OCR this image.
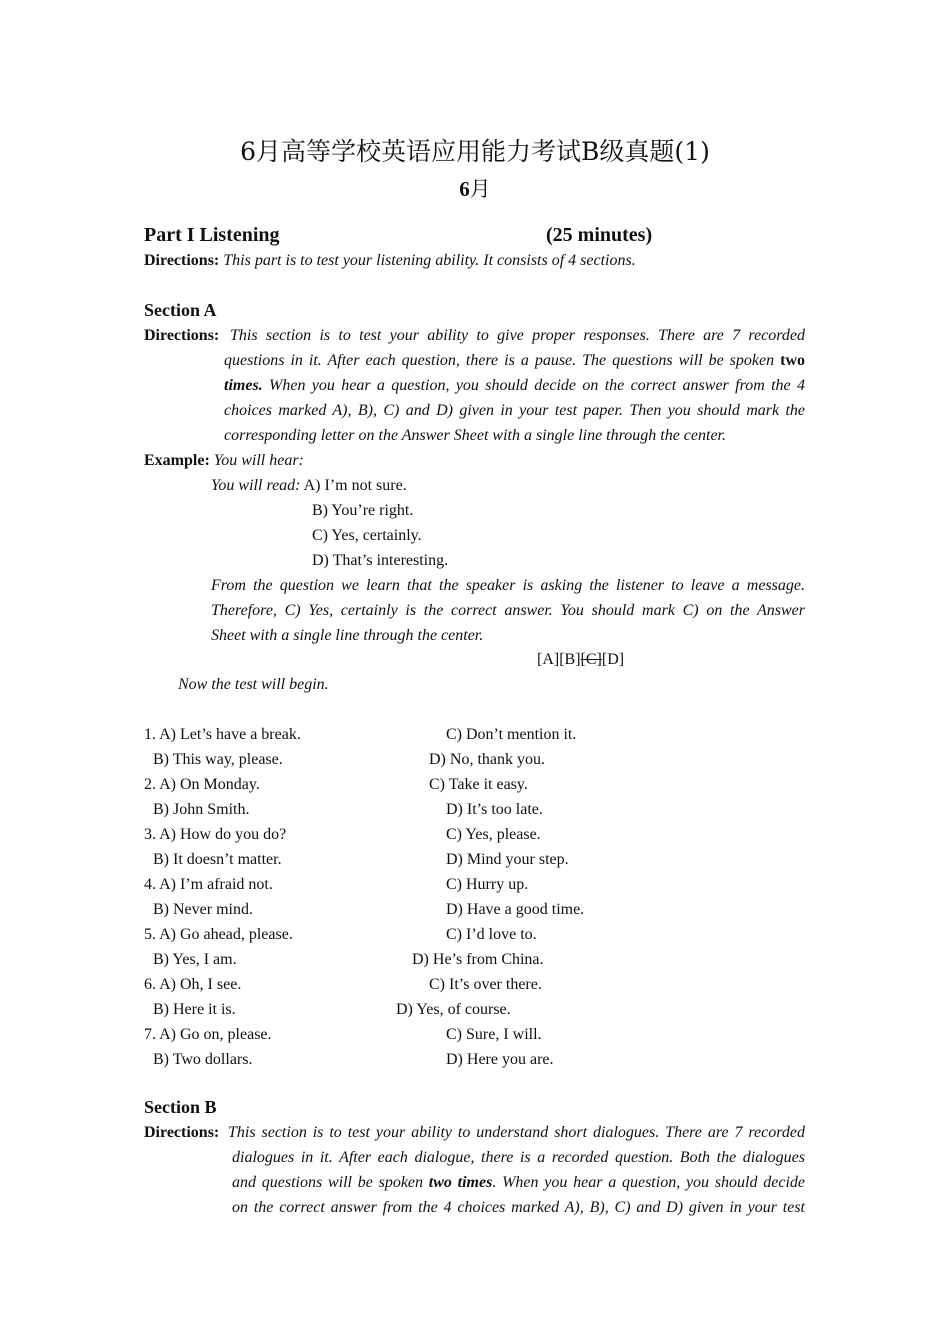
6月高等学校英语应用能力考试B级真题(1)
6月
Part I Listening	(25 minutes)
Directions: This part is to test your listening ability. It consists of 4 sections.
Section A
Directions: This section is to test your ability to give proper responses. There are 7 recorded
questions in it. After each question, there is a pause. The questions will be spoken two
times. When you hear a question, you should decide on the correct answer from the 4
choices marked A), B), C) and D) given in your test paper. Then you should mark the
corresponding letter on the Answer Sheet with a single line through the center.
Example: You will hear:
You will read: A) I’m not sure.
B) You’re right.
C) Yes, certainly.
D) That’s interesting.
From the question we learn that the speaker is asking the listener to leave a message.
Therefore, C) Yes, certainly is the correct answer. You should mark C) on the Answer
Sheet with a single line through the center.
[A][B][C][D]
Now the test will begin.
1. A) Let’s have a break.	C) Don’t mention it.
B) This way, please.	D) No, thank you.
2. A) On Monday.	C) Take it easy.
B) John Smith.	D) It’s too late.
3. A) How do you do?	C) Yes, please.
B) It doesn’t matter.	D) Mind your step.
4. A) I’m afraid not.	C) Hurry up.
B) Never mind.	D) Have a good time.
5. A) Go ahead, please.	C) I’d love to.
B) Yes, I am.	D) He’s from China.
6. A) Oh, I see.	C) It’s over there.
B) Here it is.	D) Yes, of course.
7. A) Go on, please.	C) Sure, I will.
B) Two dollars.	D) Here you are.
Section B
Directions: This section is to test your ability to understand short dialogues. There are 7 recorded
dialogues in it. After each dialogue, there is a recorded question. Both the dialogues
and questions will be spoken two times. When you hear a question, you should decide
on the correct answer from the 4 choices marked A), B), C) and D) given in your test
